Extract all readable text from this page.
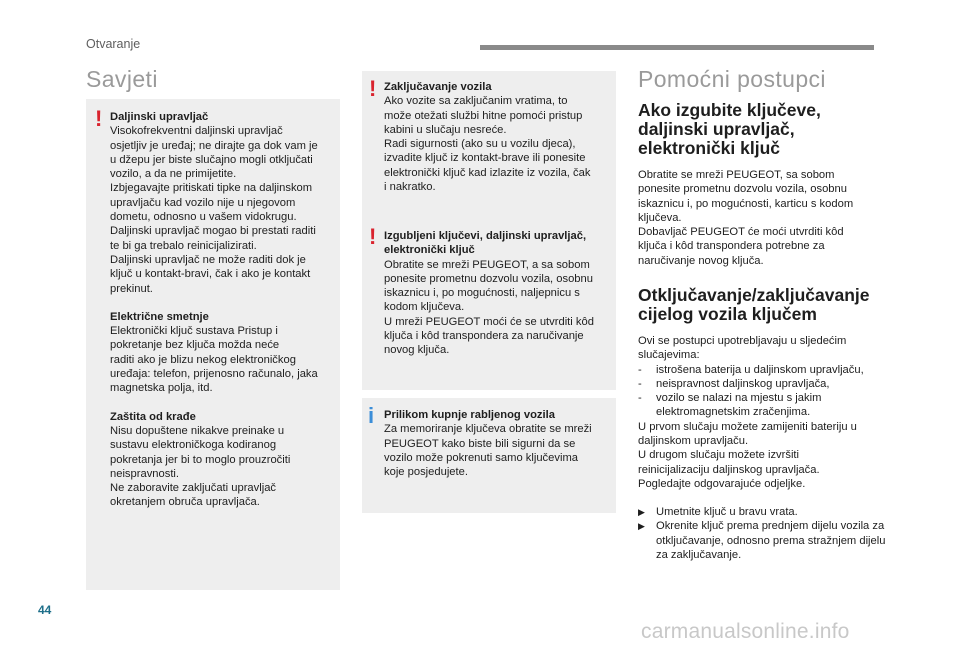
Otvaranje
Savjeti
! Daljinski upravljač

Visokofrekventni daljinski upravljač

osjetljiv je uređaj; ne dirajte ga dok vam je

u džepu jer biste slučajno mogli otključati

vozilo, a da ne primijetite.

Izbjegavajte pritiskati tipke na daljinskom

upravljaču kad vozilo nije u njegovom

dometu, odnosno u vašem vidokrugu.

Daljinski upravljač mogao bi prestati raditi

te bi ga trebalo reinicijalizirati.

Daljinski upravljač ne može raditi dok je

ključ u kontakt-bravi, čak i ako je kontakt

prekinut.

Električne smetnje

Elektronički ključ sustava Pristup i

pokretanje bez ključa možda neće

raditi ako je blizu nekog elektroničkog

uređaja: telefon, prijenosno računalo, jaka

magnetska polja, itd.

Zaštita od krađe

Nisu dopuštene nikakve preinake u

sustavu elektroničkoga kodiranog

pokretanja jer bi to moglo prouzročiti

neispravnosti.

Ne zaboravite zaključati upravljač

okretanjem obruča upravljača.

! Zaključavanje vozila

Ako vozite sa zaključanim vratima, to

može otežati službi hitne pomoći pristup

kabini u slučaju nesreće.

Radi sigurnosti (ako su u vozilu djeca),

izvadite ključ iz kontakt-brave ili ponesite

elektronički ključ kad izlazite iz vozila, čak

i nakratko.

! Izgubljeni ključevi, daljinski upravljač,
elektronički ključ

Obratite se mreži PEUGEOT, a sa sobom

ponesite prometnu dozvolu vozila, osobnu

iskaznicu i, po mogućnosti, naljepnicu s

kodom ključeva.

U mreži PEUGEOT moći će se utvrditi kôd

ključa i kôd transpondera za naručivanje

novog ključa.

i Prilikom kupnje rabljenog vozila

Za memoriranje ključeva obratite se mreži

PEUGEOT kako biste bili sigurni da se

vozilo može pokrenuti samo ključevima

koje posjedujete.

Pomoćni postupci
Ako izgubite ključeve,
daljinski upravljač,
elektronički ključ

Obratite se mreži PEUGEOT, sa sobom

ponesite prometnu dozvolu vozila, osobnu

iskaznicu i, po mogućnosti, karticu s kodom

ključeva.

Dobavljač PEUGEOT će moći utvrditi kôd

ključa i kôd transpondera potrebne za

naručivanje novog ključa.

Otključavanje/zaključavanje
cijelog vozila ključem

Ovi se postupci upotrebljavaju u sljedećim

slučajevima:

- istrošena baterija u daljinskom upravljaču,
- neispravnost daljinskog upravljača,
- vozilo se nalazi na mjestu s jakim elektromagnetskim zračenjima.

U prvom slučaju možete zamijeniti bateriju u

daljinskom upravljaču.

U drugom slučaju možete izvršiti

reinicijalizaciju daljinskog upravljača.

Pogledajte odgovarajuće odjeljke.

▶ Umetnite ključ u bravu vrata.
▶ Okrenite ključ prema prednjem dijelu vozila za otključavanje, odnosno prema stražnjem dijelu za zaključavanje.
44
carmanualsonline.info
